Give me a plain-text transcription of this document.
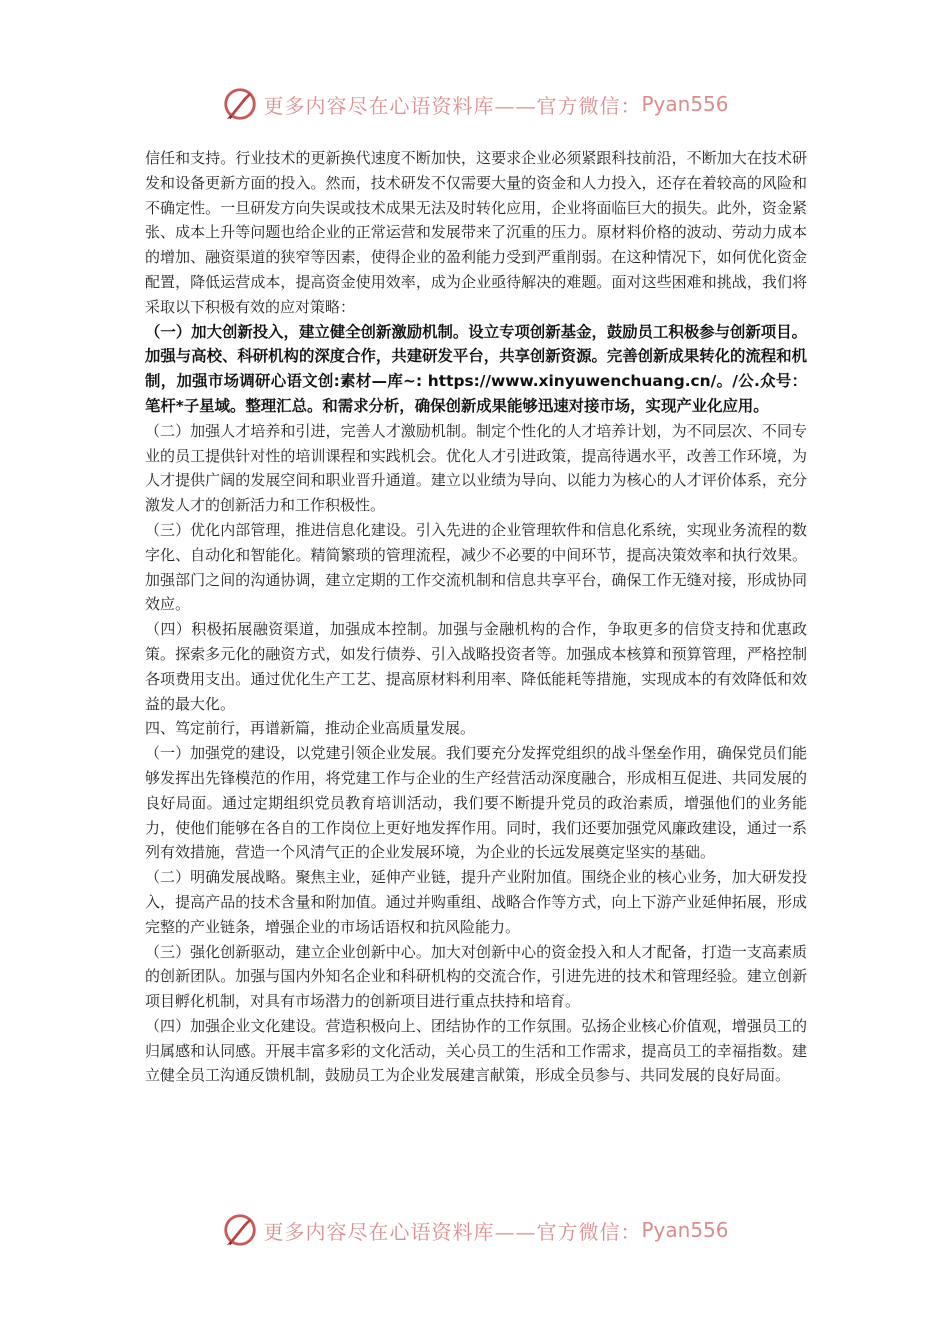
更多内容尽在心语资料库——官方微信： Pyan556

信任和支持。行业技术的更新换代速度不断加快，这要求企业必须紧跟科技前沿，不断加大在技术研发和设备更新方面的投入。然而，技术研发不仅需要大量的资金和人力投入，还存在着较高的风险和不确定性。一旦研发方向失误或技术成果无法及时转化应用，企业将面临巨大的损失。此外，资金紧张、成本上升等问题也给企业的正常运营和发展带来了沉重的压力。原材料价格的波动、劳动力成本的增加、融资渠道的狭窄等因素，使得企业的盈利能力受到严重削弱。在这种情况下，如何优化资金配置，降低运营成本，提高资金使用效率，成为企业亟待解决的难题。面对这些困难和挑战，我们将采取以下积极有效的应对策略：

（一）加大创新投入，建立健全创新激励机制。设立专项创新基金，鼓励员工积极参与创新项目。加强与高校、科研机构的深度合作，共建研发平台，共享创新资源。完善创新成果转化的流程和机制，加强市场调研心语文创:素材—库~: https://www.xinyuwenchuang.cn/。/公.众号：笔杆*子星域。整理汇总。和需求分析，确保创新成果能够迅速对接市场，实现产业化应用。

（二）加强人才培养和引进，完善人才激励机制。制定个性化的人才培养计划，为不同层次、不同专业的员工提供针对性的培训课程和实践机会。优化人才引进政策，提高待遇水平，改善工作环境，为人才提供广阔的发展空间和职业晋升通道。建立以业绩为导向、以能力为核心的人才评价体系，充分激发人才的创新活力和工作积极性。

（三）优化内部管理，推进信息化建设。引入先进的企业管理软件和信息化系统，实现业务流程的数字化、自动化和智能化。精简繁琐的管理流程，减少不必要的中间环节，提高决策效率和执行效果。加强部门之间的沟通协调，建立定期的工作交流机制和信息共享平台，确保工作无缝对接，形成协同效应。

（四）积极拓展融资渠道，加强成本控制。加强与金融机构的合作，争取更多的信贷支持和优惠政策。探索多元化的融资方式，如发行债券、引入战略投资者等。加强成本核算和预算管理，严格控制各项费用支出。通过优化生产工艺、提高原材料利用率、降低能耗等措施，实现成本的有效降低和效益的最大化。

四、笃定前行，再谱新篇，推动企业高质量发展。

（一）加强党的建设，以党建引领企业发展。我们要充分发挥党组织的战斗堡垒作用，确保党员们能够发挥出先锋模范的作用，将党建工作与企业的生产经营活动深度融合，形成相互促进、共同发展的良好局面。通过定期组织党员教育培训活动，我们要不断提升党员的政治素质，增强他们的业务能力，使他们能够在各自的工作岗位上更好地发挥作用。同时，我们还要加强党风廉政建设，通过一系列有效措施，营造一个风清气正的企业发展环境，为企业的长远发展奠定坚实的基础。

（二）明确发展战略。聚焦主业，延伸产业链，提升产业附加值。围绕企业的核心业务，加大研发投入，提高产品的技术含量和附加值。通过并购重组、战略合作等方式，向上下游产业延伸拓展，形成完整的产业链条，增强企业的市场话语权和抗风险能力。

（三）强化创新驱动，建立企业创新中心。加大对创新中心的资金投入和人才配备，打造一支高素质的创新团队。加强与国内外知名企业和科研机构的交流合作，引进先进的技术和管理经验。建立创新项目孵化机制，对具有市场潜力的创新项目进行重点扶持和培育。

（四）加强企业文化建设。营造积极向上、团结协作的工作氛围。弘扬企业核心价值观，增强员工的归属感和认同感。开展丰富多彩的文化活动，关心员工的生活和工作需求，提高员工的幸福指数。建立健全员工沟通反馈机制，鼓励员工为企业发展建言献策，形成全员参与、共同发展的良好局面。

更多内容尽在心语资料库——官方微信： Pyan556
